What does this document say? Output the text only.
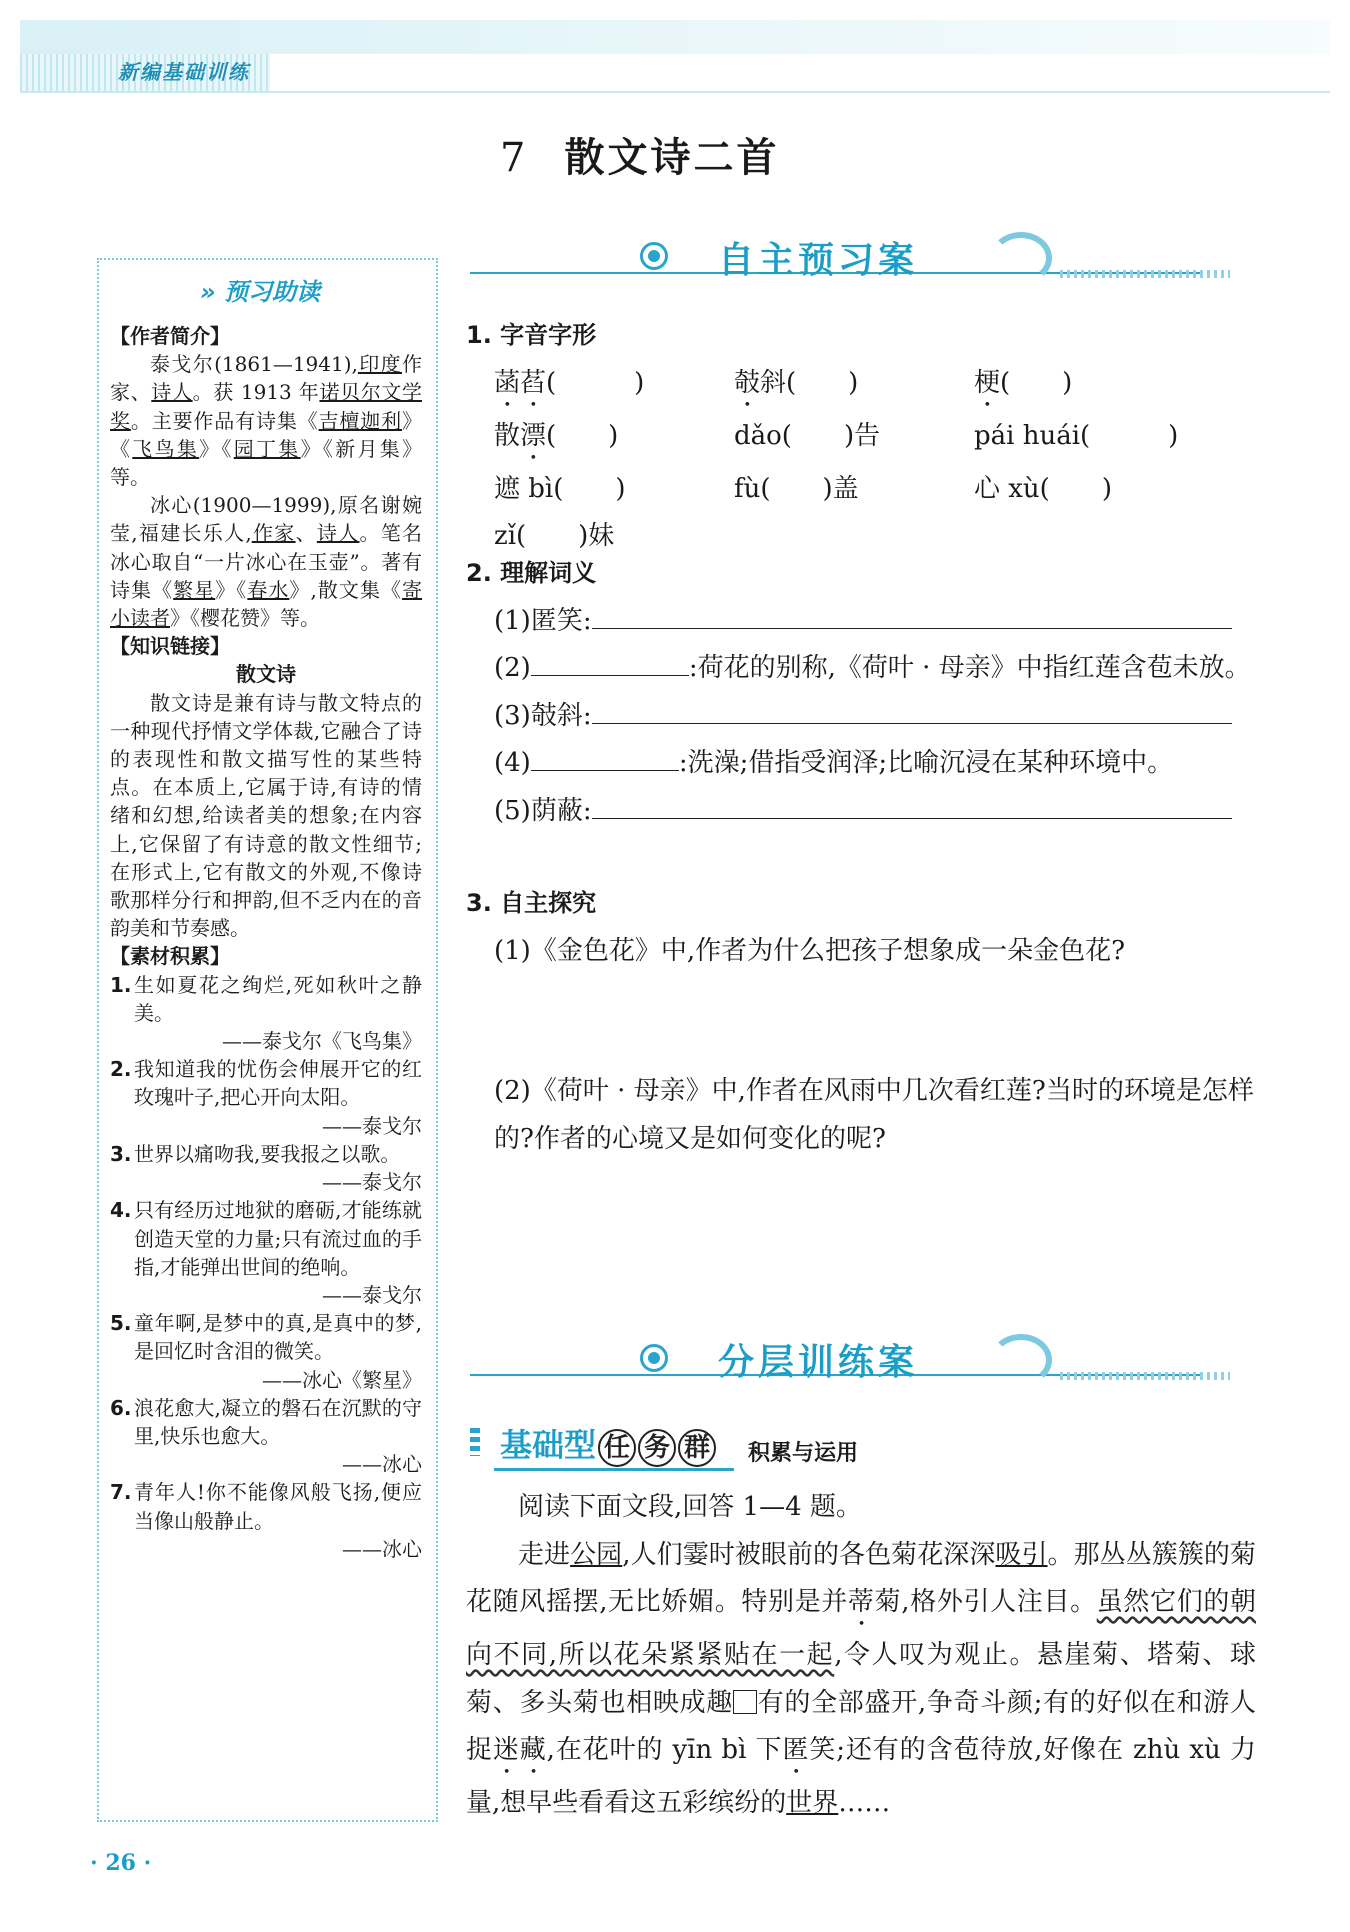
新编基础训练
7 散文诗二首
自主预习案
» 预习助读
【作者简介】

泰戈尔(1861—1941),印度作家、诗人。获 1913 年诺贝尔文学奖。主要作品有诗集《吉檀迦利》《飞鸟集》《园丁集》《新月集》等。

冰心(1900—1999),原名谢婉莹,福建长乐人,作家、诗人。笔名冰心取自“一片冰心在玉壶”。著有诗集《繁星》《春水》,散文集《寄小读者》《樱花赞》等。

【知识链接】
散文诗

散文诗是兼有诗与散文特点的一种现代抒情文学体裁,它融合了诗的表现性和散文描写性的某些特点。在本质上,它属于诗,有诗的情绪和幻想,给读者美的想象;在内容上,它保留了有诗意的散文性细节;在形式上,它有散文的外观,不像诗歌那样分行和押韵,但不乏内在的音韵美和节奏感。

【素材积累】
1. 生如夏花之绚烂,死如秋叶之静美。
——泰戈尔《飞鸟集》
2. 我知道我的忧伤会伸展开它的红玫瑰叶子,把心开向太阳。
——泰戈尔
3. 世界以痛吻我,要我报之以歌。
——泰戈尔
4. 只有经历过地狱的磨砺,才能练就创造天堂的力量;只有流过血的手指,才能弹出世间的绝响。
——泰戈尔
5. 童年啊,是梦中的真,是真中的梦,是回忆时含泪的微笑。
——冰心《繁星》
6. 浪花愈大,凝立的磐石在沉默的守里,快乐也愈大。
——冰心
7. 青年人!你不能像风般飞扬,便应当像山般静止。
——冰心
1. 字音字形
菡萏(　　　)	攲斜(　　)	梗(　　)
散漂(　　)	dǎo(　　)告	pái huái(　　　)
遮 bì(　　)	fù(　　)盖	心 xù(　　)
zǐ(　　)妹
2. 理解词义

(1)匿笑:

(2)	:荷花的别称,《荷叶 · 母亲》中指红莲含苞未放。

(3)攲斜:

(4)	:洗澡;借指受润泽;比喻沉浸在某种环境中。

(5)荫蔽:

3. 自主探究

(1)《金色花》中,作者为什么把孩子想象成一朵金色花?

(2)《荷叶 · 母亲》中,作者在风雨中几次看红莲?当时的环境是怎样的?作者的心境又是如何变化的呢?

分层训练案
基础型 任 务 群 积累与运用

阅读下面文段,回答 1—4 题。

走进公园,人们霎时被眼前的各色菊花深深吸引。那丛丛簇簇的菊花随风摇摆,无比娇媚。特别是并蒂菊,格外引人注目。虽然它们的朝向不同,所以花朵紧紧贴在一起,令人叹为观止。悬崖菊、塔菊、球菊、多头菊也相映成趣 有的全部盛开,争奇斗颜;有的好似在和游人捉迷藏,在花叶的 yīn bì 下匿笑;还有的含苞待放,好像在 zhù xù 力量,想早些看看这五彩缤纷的世界……

· 26 ·
